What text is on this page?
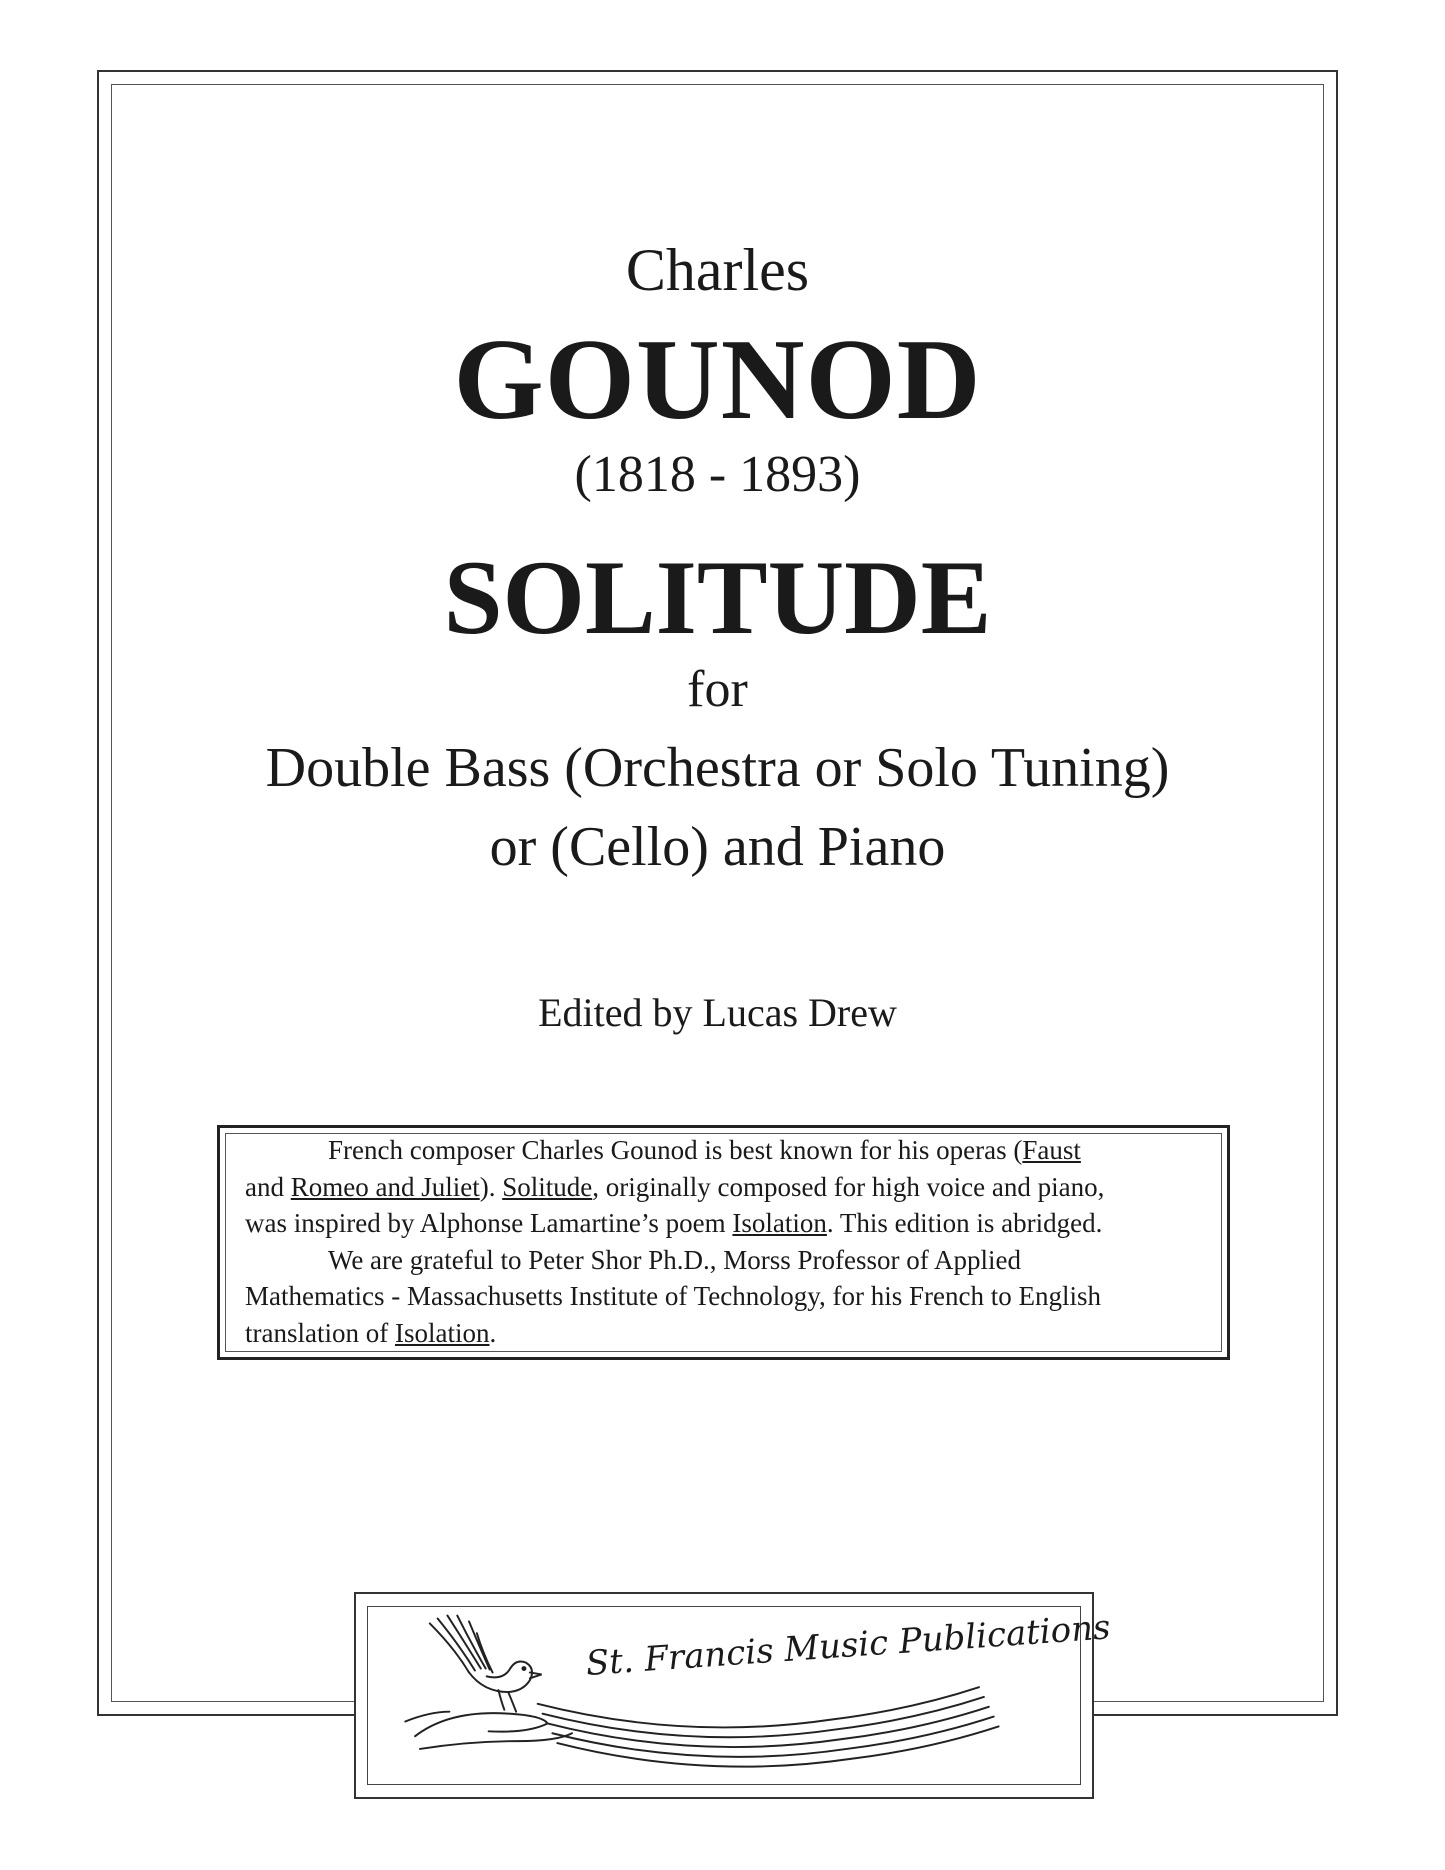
Charles
GOUNOD
(1818 - 1893)
SOLITUDE
for
Double Bass (Orchestra or Solo Tuning)
or (Cello) and Piano
Edited by Lucas Drew
French composer Charles Gounod is best known for his operas (Faust
and Romeo and Juliet). Solitude, originally composed for high voice and piano,
was inspired by Alphonse Lamartine’s poem Isolation. This edition is abridged.
We are grateful to Peter Shor Ph.D., Morss Professor of Applied
Mathematics - Massachusetts Institute of Technology, for his French to English
translation of Isolation.
St. Francis Music Publications
